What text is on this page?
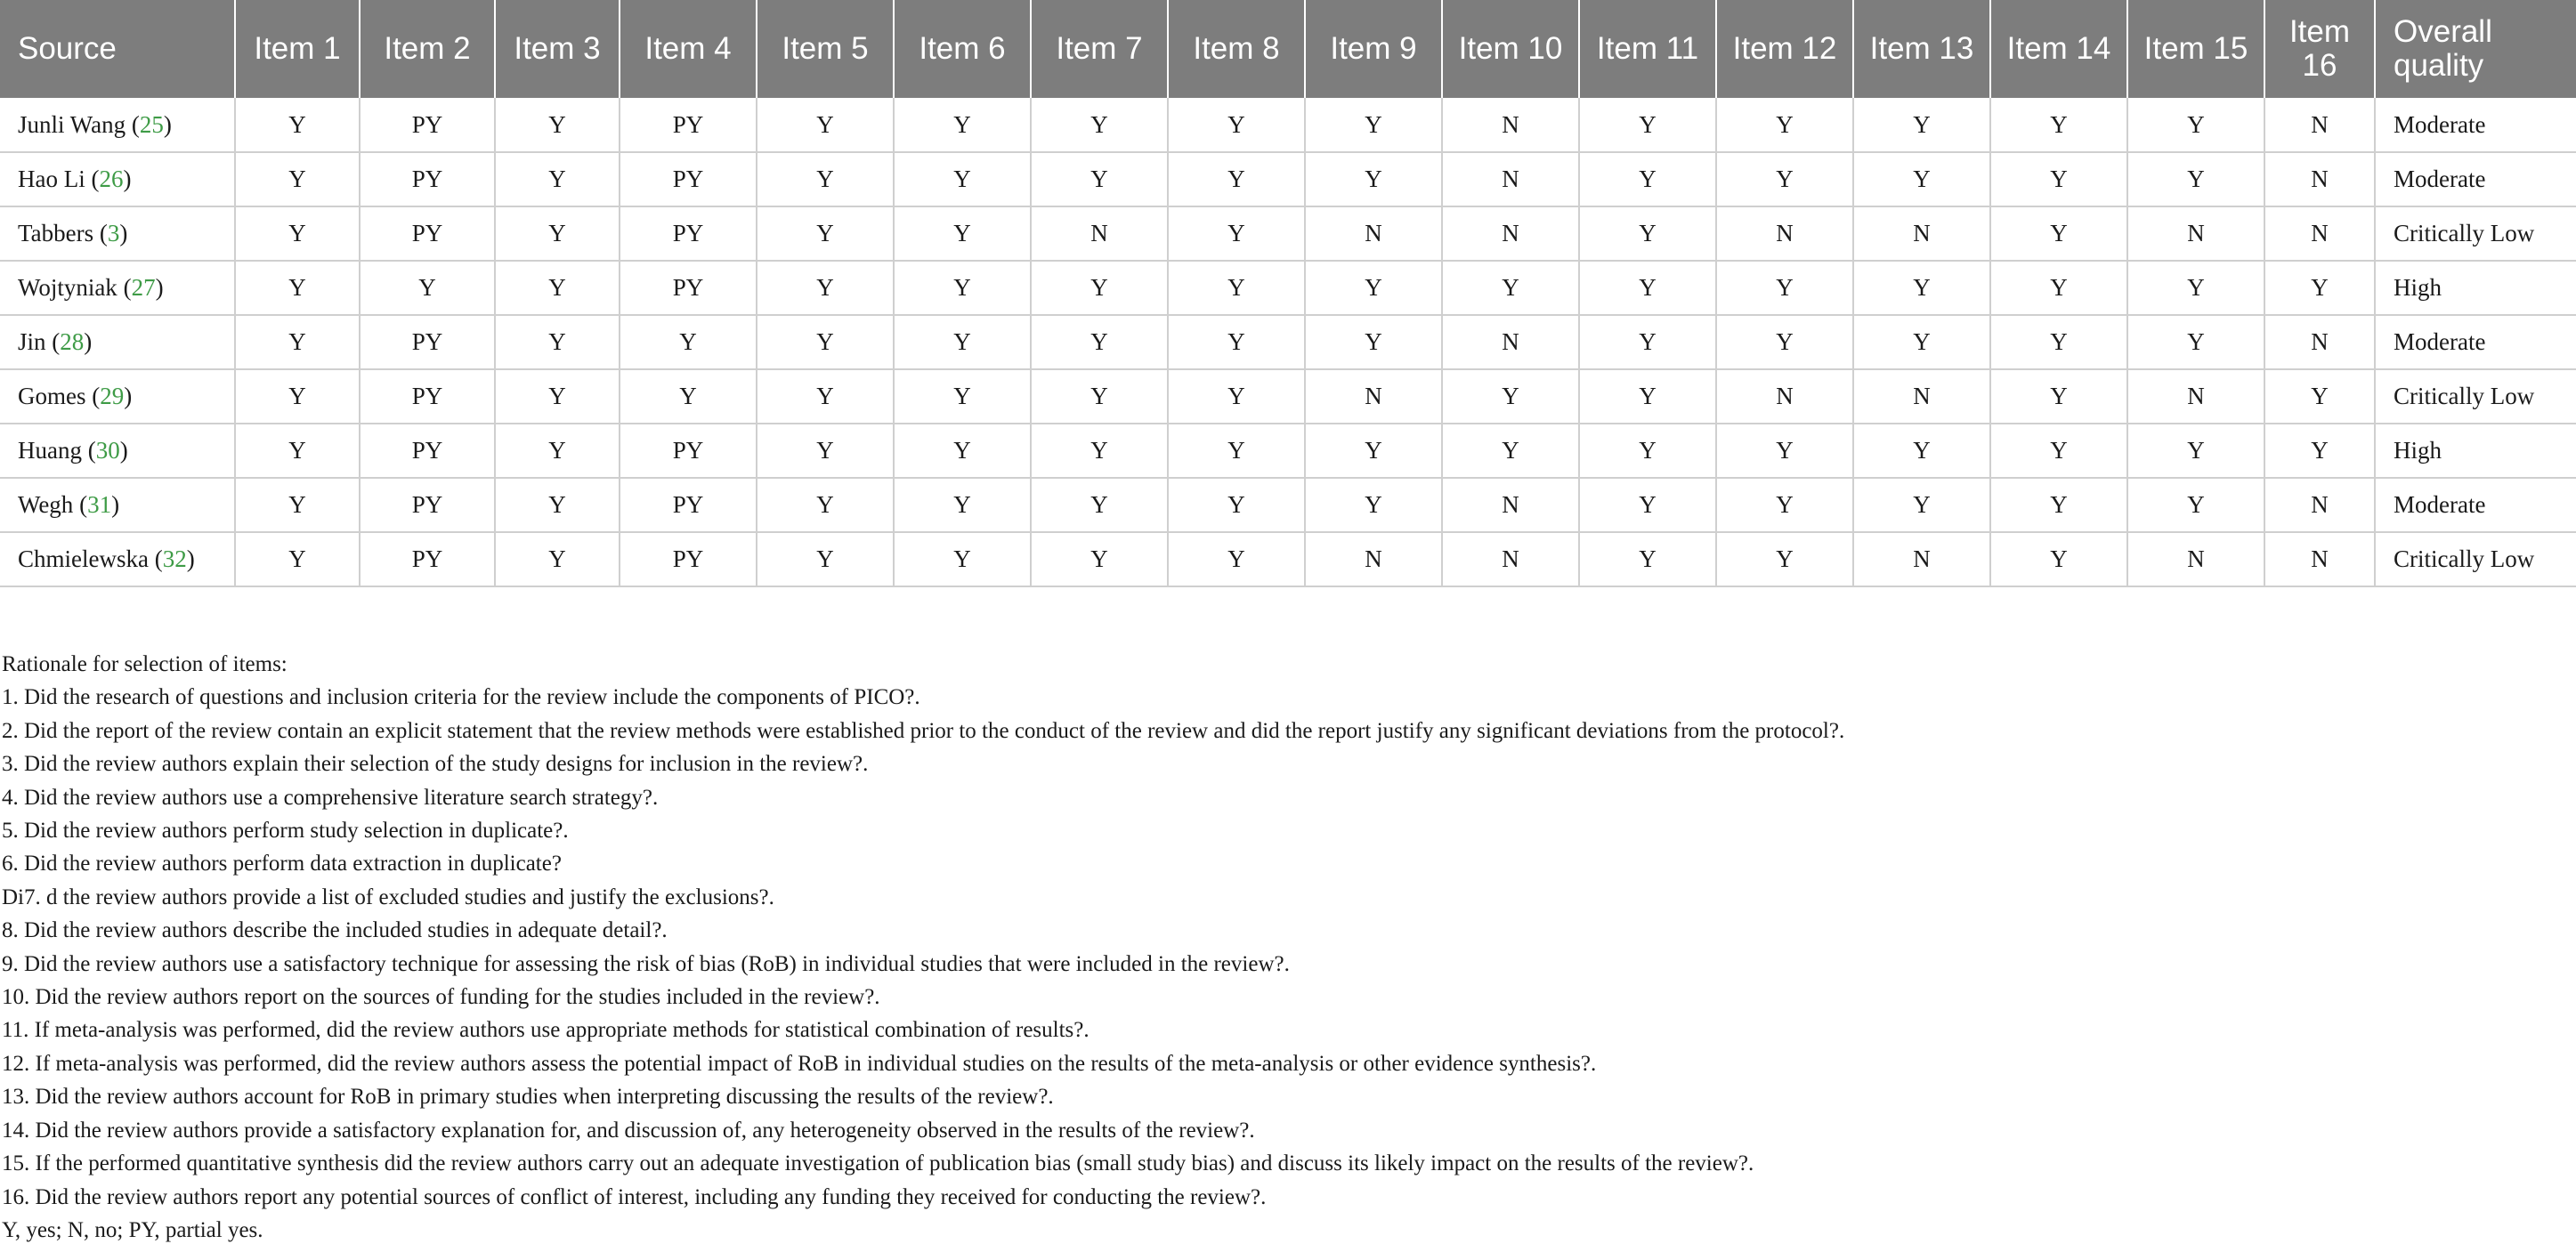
Source	Item 1	Item 2	Item 3	Item 4	Item 5	Item 6	Item 7	Item 8	Item 9	Item 10	Item 11	Item 12	Item 13	Item 14	Item 15	Item 16	Overall quality
Junli Wang (25)	Y	PY	Y	PY	Y	Y	Y	Y	Y	N	Y	Y	Y	Y	Y	N	Moderate
Hao Li (26)	Y	PY	Y	PY	Y	Y	Y	Y	Y	N	Y	Y	Y	Y	Y	N	Moderate
Tabbers (3)	Y	PY	Y	PY	Y	Y	N	Y	N	N	Y	N	N	Y	N	N	Critically Low
Wojtyniak (27)	Y	Y	Y	PY	Y	Y	Y	Y	Y	Y	Y	Y	Y	Y	Y	Y	High
Jin (28)	Y	PY	Y	Y	Y	Y	Y	Y	Y	N	Y	Y	Y	Y	Y	N	Moderate
Gomes (29)	Y	PY	Y	Y	Y	Y	Y	Y	N	Y	Y	N	N	Y	N	Y	Critically Low
Huang (30)	Y	PY	Y	PY	Y	Y	Y	Y	Y	Y	Y	Y	Y	Y	Y	Y	High
Wegh (31)	Y	PY	Y	PY	Y	Y	Y	Y	Y	N	Y	Y	Y	Y	Y	N	Moderate
Chmielewska (32)	Y	PY	Y	PY	Y	Y	Y	Y	N	N	Y	Y	N	Y	N	N	Critically Low
Rationale for selection of items:
1. Did the research of questions and inclusion criteria for the review include the components of PICO?.
2. Did the report of the review contain an explicit statement that the review methods were established prior to the conduct of the review and did the report justify any significant deviations from the protocol?.
3. Did the review authors explain their selection of the study designs for inclusion in the review?.
4. Did the review authors use a comprehensive literature search strategy?.
5. Did the review authors perform study selection in duplicate?.
6. Did the review authors perform data extraction in duplicate?
Di7. d the review authors provide a list of excluded studies and justify the exclusions?.
8. Did the review authors describe the included studies in adequate detail?.
9. Did the review authors use a satisfactory technique for assessing the risk of bias (RoB) in individual studies that were included in the review?.
10. Did the review authors report on the sources of funding for the studies included in the review?.
11. If meta-analysis was performed, did the review authors use appropriate methods for statistical combination of results?.
12. If meta-analysis was performed, did the review authors assess the potential impact of RoB in individual studies on the results of the meta-analysis or other evidence synthesis?.
13. Did the review authors account for RoB in primary studies when interpreting discussing the results of the review?.
14. Did the review authors provide a satisfactory explanation for, and discussion of, any heterogeneity observed in the results of the review?.
15. If the performed quantitative synthesis did the review authors carry out an adequate investigation of publication bias (small study bias) and discuss its likely impact on the results of the review?.
16. Did the review authors report any potential sources of conflict of interest, including any funding they received for conducting the review?.
Y, yes; N, no; PY, partial yes.
